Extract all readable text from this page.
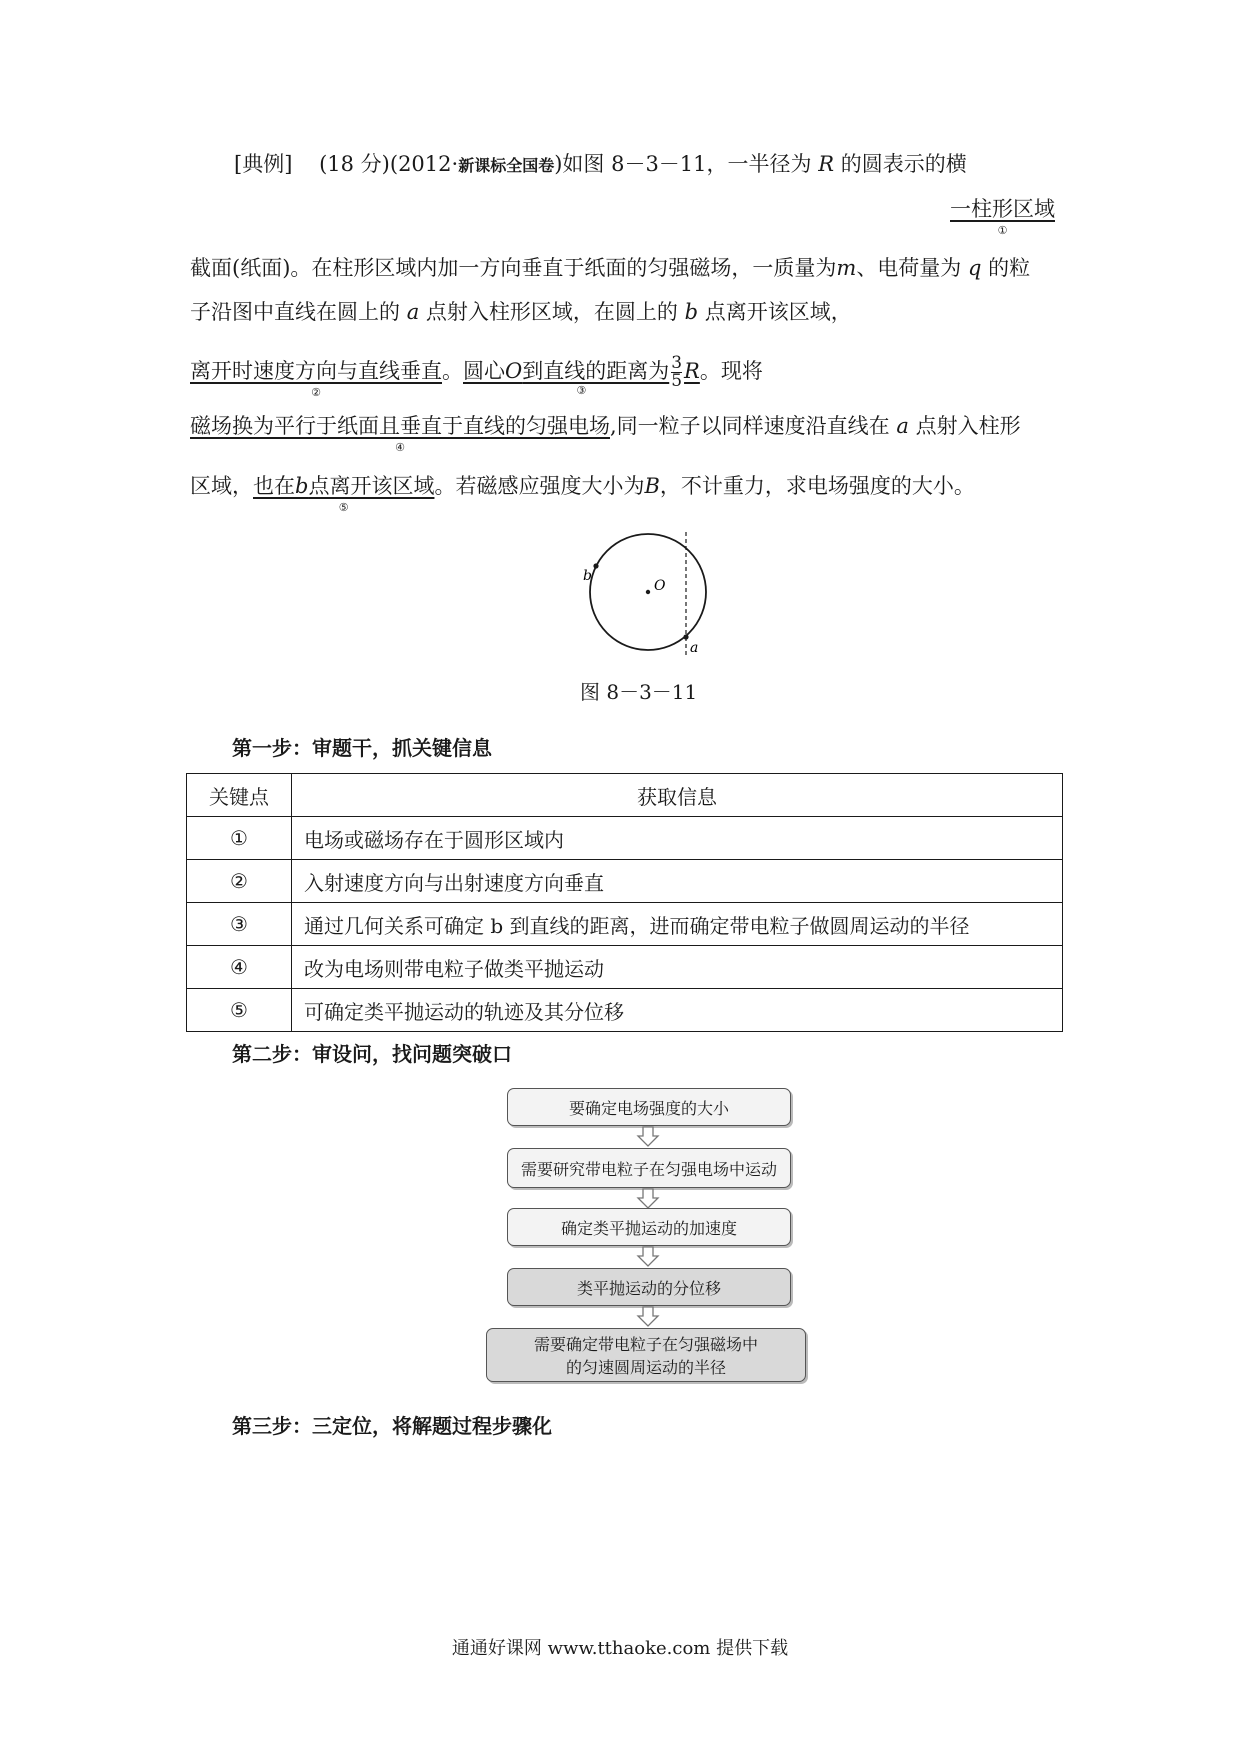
[典例] (18 分)(2012·新课标全国卷)如图 8－3－11，一半径为 R 的圆表示的横
一柱形区域
①
截面(纸面)。在柱形区域内加一方向垂直于纸面的匀强磁场，一质量为m、电荷量为 q 的粒
子沿图中直线在圆上的 a 点射入柱形区域，在圆上的 b 点离开该区域，
离开时速度方向与直线垂直
②
。圆心O到直线的距离为 $\frac{3}{5}$ R
③
。现将
磁场换为平行于纸面且垂直于直线的匀强电场
④
,同一粒子以同样速度沿直线在 a 点射入柱形
区域，也在b点离开该区域
⑤
。若磁感应强度大小为B，不计重力，求电场强度的大小。
b
O
a
图 8－3－11
第一步：审题干，抓关键信息
关键点	获取信息
①	电场或磁场存在于圆形区域内
②	入射速度方向与出射速度方向垂直
③	通过几何关系可确定 b 到直线的距离，进而确定带电粒子做圆周运动的半径
④	改为电场则带电粒子做类平抛运动
⑤	可确定类平抛运动的轨迹及其分位移
第二步：审设问，找问题突破口
要确定电场强度的大小
需要研究带电粒子在匀强电场中运动
确定类平抛运动的加速度
类平抛运动的分位移
需要确定带电粒子在匀强磁场中的匀速圆周运动的半径
第三步：三定位，将解题过程步骤化
通通好课网 www.tthaoke.com 提供下载
